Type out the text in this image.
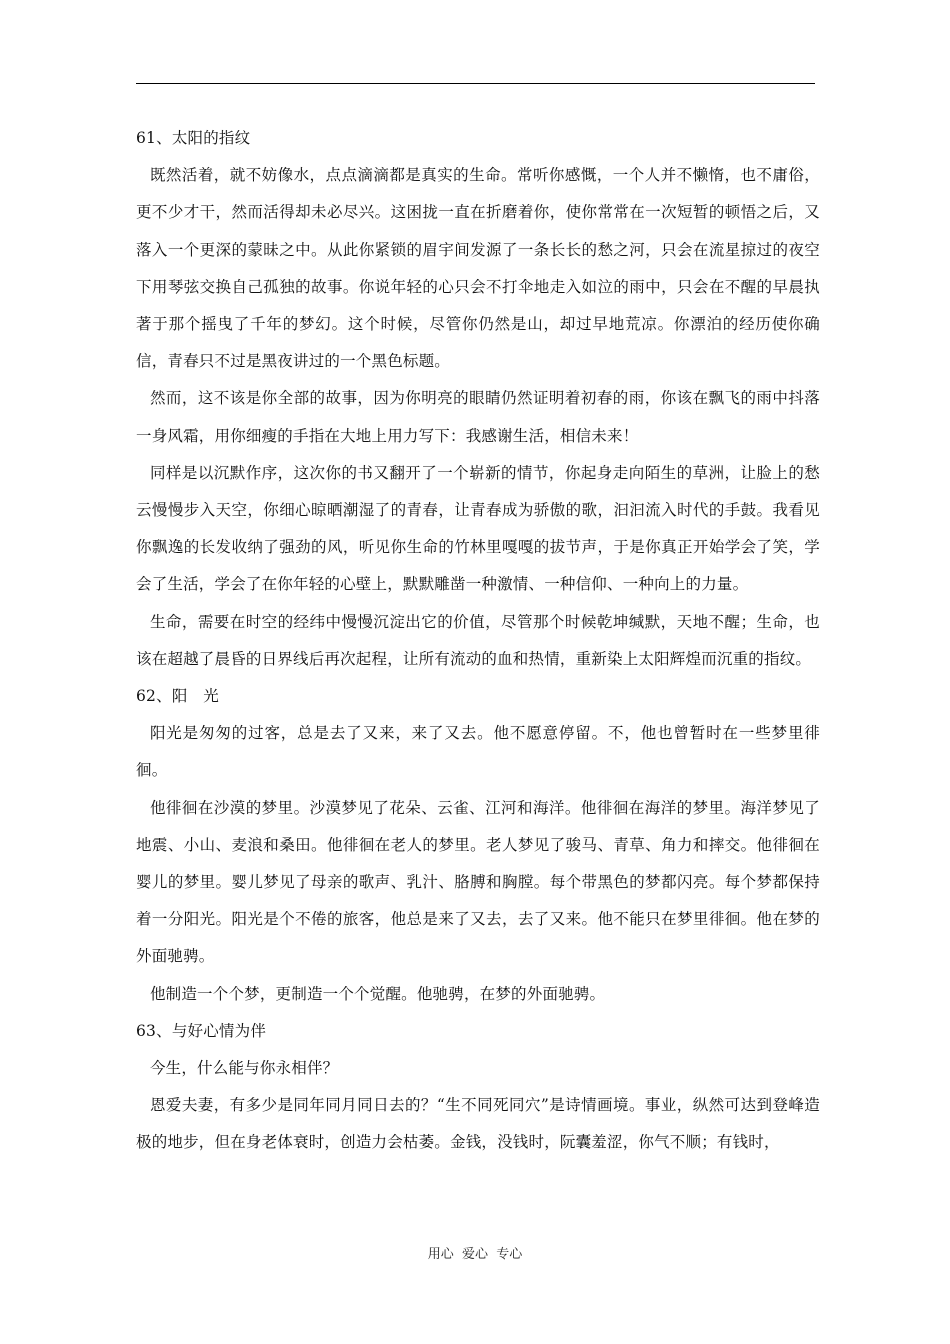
61、太阳的指纹

既然活着，就不妨像水，点点滴滴都是真实的生命。常听你感慨，一个人并不懒惰，也不庸俗，更不少才干，然而活得却未必尽兴。这困拢一直在折磨着你，使你常常在一次短暂的顿悟之后，又落入一个更深的蒙昧之中。从此你紧锁的眉宇间发源了一条长长的愁之河，只会在流星掠过的夜空下用琴弦交换自己孤独的故事。你说年轻的心只会不打伞地走入如泣的雨中，只会在不醒的早晨执著于那个摇曳了千年的梦幻。这个时候，尽管你仍然是山，却过早地荒凉。你漂泊的经历使你确信，青春只不过是黑夜讲过的一个黑色标题。

然而，这不该是你全部的故事，因为你明亮的眼睛仍然证明着初春的雨，你该在飘飞的雨中抖落一身风霜，用你细瘦的手指在大地上用力写下：我感谢生活，相信未来！

同样是以沉默作序，这次你的书又翻开了一个崭新的情节，你起身走向陌生的草洲，让脸上的愁云慢慢步入天空，你细心晾晒潮湿了的青春，让青春成为骄傲的歌，汩汩流入时代的手鼓。我看见你飘逸的长发收纳了强劲的风，听见你生命的竹林里嘎嘎的拔节声，于是你真正开始学会了笑，学会了生活，学会了在你年轻的心壁上，默默雕凿一种激情、一种信仰、一种向上的力量。

生命，需要在时空的经纬中慢慢沉淀出它的价值，尽管那个时候乾坤缄默，天地不醒；生命，也该在超越了晨昏的日界线后再次起程，让所有流动的血和热情，重新染上太阳辉煌而沉重的指纹。

62、阳　光

阳光是匆匆的过客，总是去了又来，来了又去。他不愿意停留。不，他也曾暂时在一些梦里徘徊。

他徘徊在沙漠的梦里。沙漠梦见了花朵、云雀、江河和海洋。他徘徊在海洋的梦里。海洋梦见了地震、小山、麦浪和桑田。他徘徊在老人的梦里。老人梦见了骏马、青草、角力和摔交。他徘徊在婴儿的梦里。婴儿梦见了母亲的歌声、乳汁、胳膊和胸膛。每个带黑色的梦都闪亮。每个梦都保持着一分阳光。阳光是个不倦的旅客，他总是来了又去，去了又来。他不能只在梦里徘徊。他在梦的外面驰骋。

他制造一个个梦，更制造一个个觉醒。他驰骋，在梦的外面驰骋。

63、与好心情为伴

今生，什么能与你永相伴？

恩爱夫妻，有多少是同年同月同日去的？“生不同死同穴”是诗情画境。事业，纵然可达到登峰造极的地步，但在身老体衰时，创造力会枯萎。金钱，没钱时，阮囊羞涩，你气不顺；有钱时，

用心  爱心  专心
